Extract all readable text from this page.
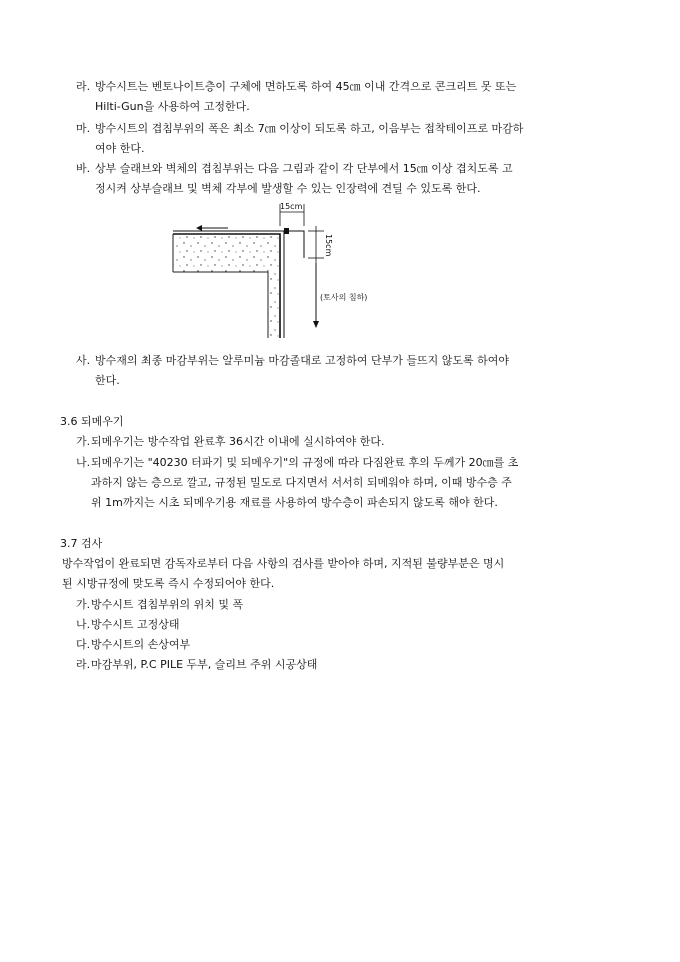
라. 방수시트는 벤토나이트층이 구체에 면하도록 하여 45㎝ 이내 간격으로 콘크리트 못 또는
Hilti-Gun을 사용하여 고정한다.
마. 방수시트의 겹침부위의 폭은 최소 7㎝ 이상이 되도록 하고, 이음부는 접착테이프로 마감하
여야 한다.
바. 상부 슬래브와 벽체의 겹침부위는 다음 그림과 같이 각 단부에서 15㎝ 이상 겹치도록 고
정시켜 상부슬래브 및 벽체 각부에 발생할 수 있는 인장력에 견딜 수 있도록 한다.
15cm
15cm
(토사의 침하)
사. 방수재의 최종 마감부위는 알루미늄 마감졸대로 고정하여 단부가 들뜨지 않도록 하여야
한다.
3.6 되메우기
가.되메우기는 방수작업 완료후 36시간 이내에 실시하여야 한다.
나.되메우기는 "40230 터파기 및 되메우기"의 규정에 따라 다짐완료 후의 두께가 20㎝를 초
과하지 않는 층으로 깔고, 규정된 밀도로 다지면서 서서히 되메워야 하며, 이때 방수층 주
위 1m까지는 시초 되메우기용 재료를 사용하여 방수층이 파손되지 않도록 해야 한다.
3.7 검사
방수작업이 완료되면 감독자로부터 다음 사항의 검사를 받아야 하며, 지적된 불량부분은 명시
된 시방규정에 맞도록 즉시 수정되어야 한다.
가.방수시트 겹침부위의 위치 및 폭
나.방수시트 고정상태
다.방수시트의 손상여부
라.마감부위, P.C PILE 두부, 슬리브 주위 시공상태
